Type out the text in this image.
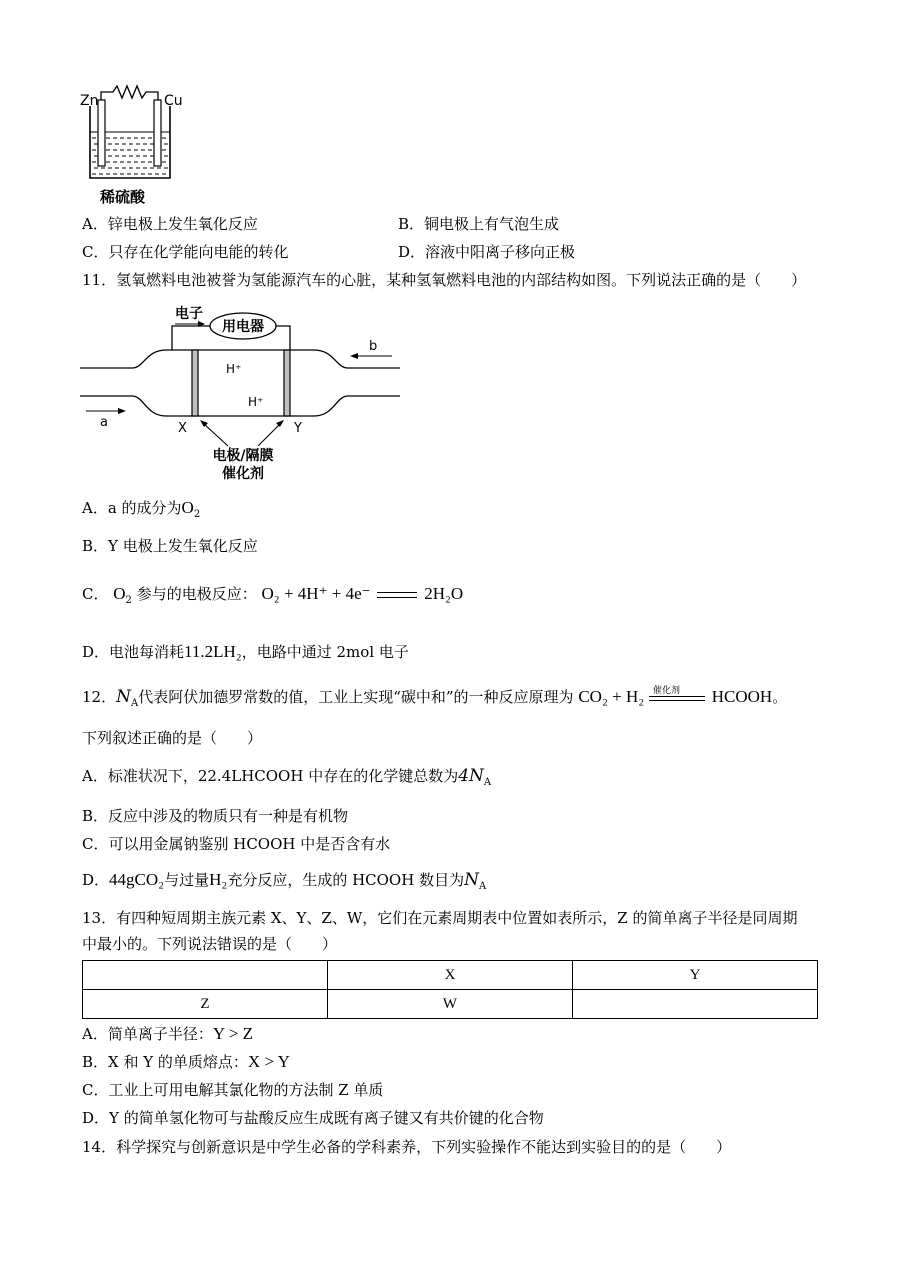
Zn	Cu
稀硫酸
A．锌电极上发生氧化反应	B．铜电极上有气泡生成
C．只存在化学能向电能的转化	D．溶液中阳离子移向正极
11．氢氧燃料电池被誉为氢能源汽车的心脏，某种氢氧燃料电池的内部结构如图。下列说法正确的是（　　）
用电器
电子
H⁺
H⁺
a
b
X	Y
电极/隔膜
催化剂
A．a 的成分为$O_2$
B．Y 电极上发生氧化反应
C． $O_2$ 参与的电极反应： O₂ + 4H⁺ + 4e⁻	2H₂O
D．电池每消耗11.2LH₂，电路中通过 2mol 电子
12．$N_A$代表阿伏加德罗常数的值，工业上实现“碳中和”的一种反应原理为 CO₂ + H₂ 催化剂 HCOOH。
下列叙述正确的是（　　）
A．标准状况下，22.4LHCOOH 中存在的化学键总数为$4N_A$
B．反应中涉及的物质只有一种是有机物
C．可以用金属钠鉴别 HCOOH 中是否含有水
D．44gCO₂与过量H₂充分反应，生成的 HCOOH 数目为$N_A$
13．有四种短周期主族元素 X、Y、Z、W，它们在元素周期表中位置如表所示，Z 的简单离子半径是同周期
中最小的。下列说法错误的是（　　）
	X	Y
Z	W	
A．简单离子半径：Y > Z
B．X 和 Y 的单质熔点：X > Y
C．工业上可用电解其氯化物的方法制 Z 单质
D．Y 的简单氢化物可与盐酸反应生成既有离子键又有共价键的化合物
14．科学探究与创新意识是中学生必备的学科素养，下列实验操作不能达到实验目的的是（　　）
